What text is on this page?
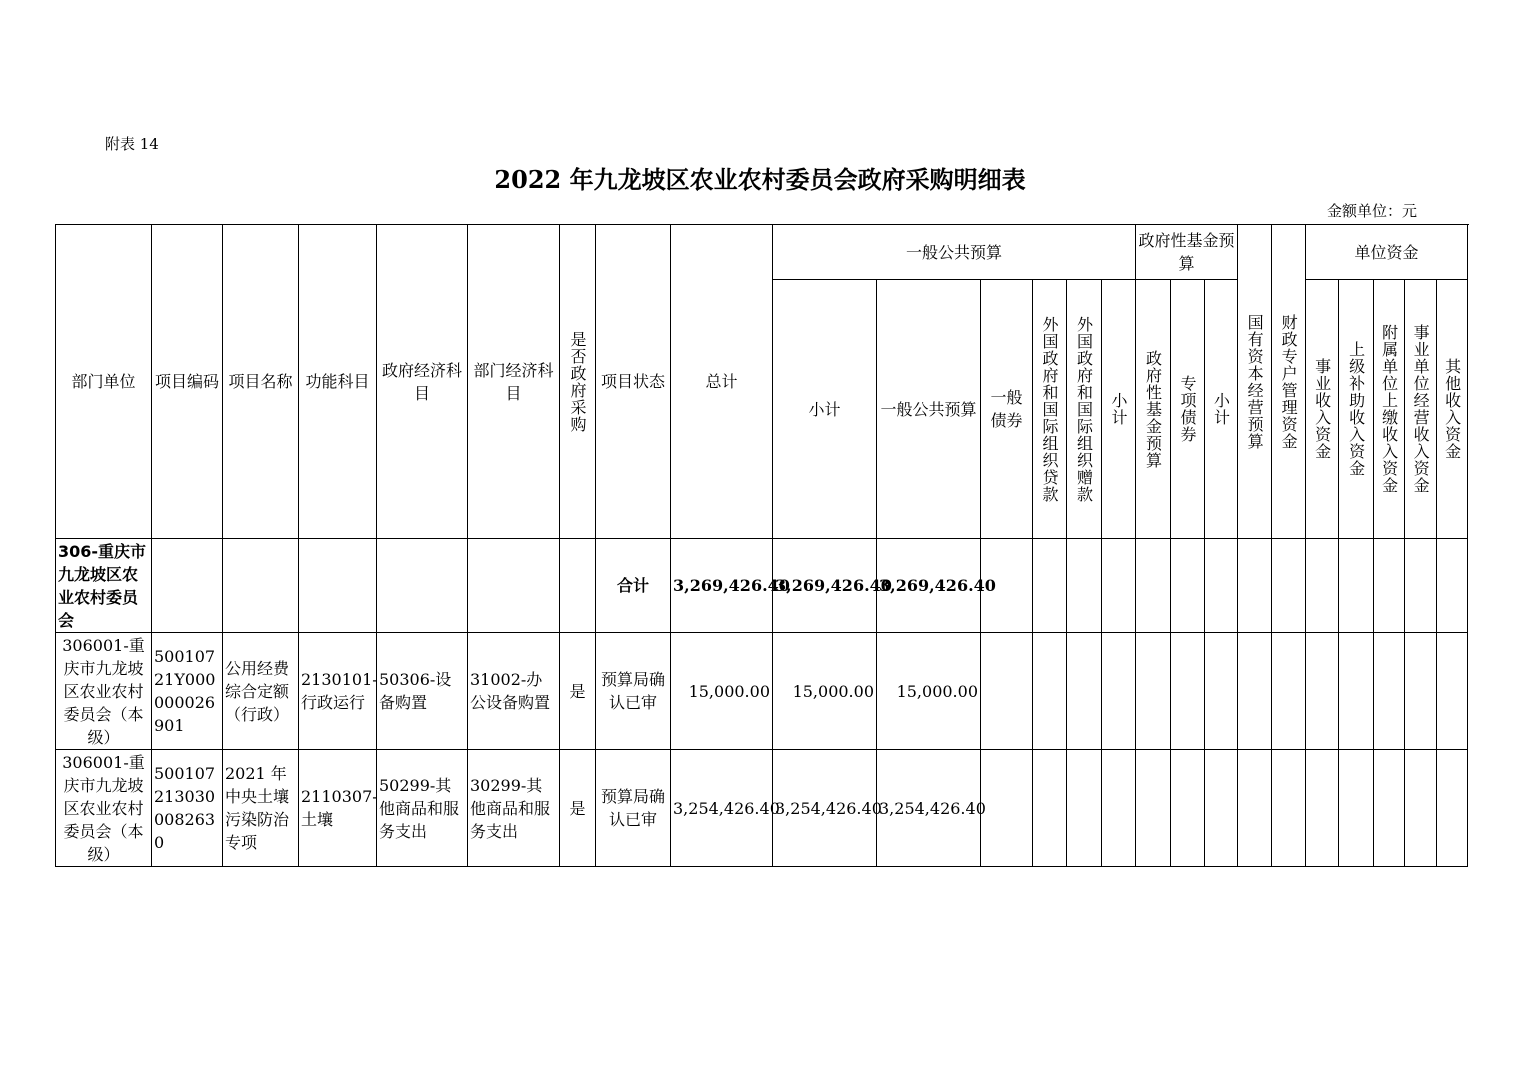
附表 14
2022 年九龙坡区农业农村委员会政府采购明细表
金额单位：元
部门单位	项目编码	项目名称	功能科目	政府经济科目	部门经济科目	是否政府采购	项目状态	总计	一般公共预算						政府性基金预算			国有资本经营预算	财政专户管理资金	单位资金				
									小计	一般公共预算	一般债券	外国政府和国际组织贷款	外国政府和国际组织赠款	小计	政府性基金预算	专项债券	小计			事业收入资金	上级补助收入资金	附属单位上缴收入资金	事业单位经营收入资金	其他收入资金

306-重庆市九龙坡区农业农村委员会							合计	3,269,426.40	3,269,426.40	3,269,426.40														
306001-重庆市九龙坡区农业农村委员会（本级）	50010721Y000000026901	公用经费综合定额（行政）	2130101-行政运行	50306-设备购置	31002-办公设备购置	是	预算局确认已审	15,000.00	15,000.00	15,000.00														
306001-重庆市九龙坡区农业农村委员会（本级）	5001072130300082630	2021 年中央土壤污染防治专项	2110307-土壤	50299-其他商品和服务支出	30299-其他商品和服务支出	是	预算局确认已审	3,254,426.40	3,254,426.40	3,254,426.40														
